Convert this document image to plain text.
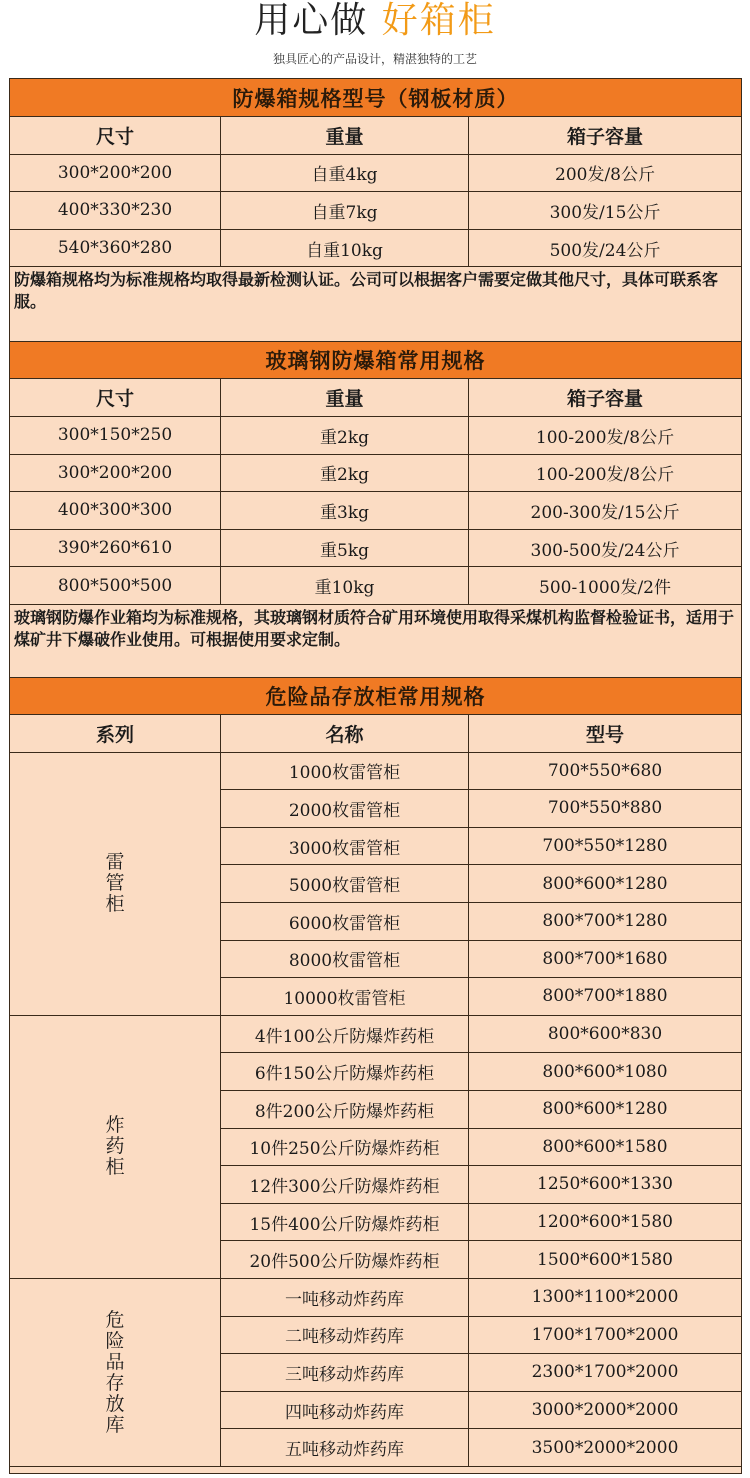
用心做 好箱柜
独具匠心的产品设计，精湛独特的工艺
防爆箱规格型号（钢板材质）
尺寸	重量	箱子容量
300*200*200	自重4kg	200发/8公斤
400*330*230	自重7kg	300发/15公斤
540*360*280	自重10kg	500发/24公斤
防爆箱规格均为标准规格均取得最新检测认证。公司可以根据客户需要定做其他尺寸，具体可联系客服。
玻璃钢防爆箱常用规格
尺寸	重量	箱子容量
300*150*250	重2kg	100-200发/8公斤
300*200*200	重2kg	100-200发/8公斤
400*300*300	重3kg	200-300发/15公斤
390*260*610	重5kg	300-500发/24公斤
800*500*500	重10kg	500-1000发/2件
玻璃钢防爆作业箱均为标准规格，其玻璃钢材质符合矿用环境使用取得采煤机构监督检验证书，适用于煤矿井下爆破作业使用。可根据使用要求定制。
危险品存放柜常用规格
系列	名称	型号
雷管柜
1000枚雷管柜	700*550*680
2000枚雷管柜	700*550*880
3000枚雷管柜	700*550*1280
5000枚雷管柜	800*600*1280
6000枚雷管柜	800*700*1280
8000枚雷管柜	800*700*1680
10000枚雷管柜	800*700*1880
炸药柜
4件100公斤防爆炸药柜	800*600*830
6件150公斤防爆炸药柜	800*600*1080
8件200公斤防爆炸药柜	800*600*1280
10件250公斤防爆炸药柜	800*600*1580
12件300公斤防爆炸药柜	1250*600*1330
15件400公斤防爆炸药柜	1200*600*1580
20件500公斤防爆炸药柜	1500*600*1580
危险品存放库
一吨移动炸药库	1300*1100*2000
二吨移动炸药库	1700*1700*2000
三吨移动炸药库	2300*1700*2000
四吨移动炸药库	3000*2000*2000
五吨移动炸药库	3500*2000*2000
